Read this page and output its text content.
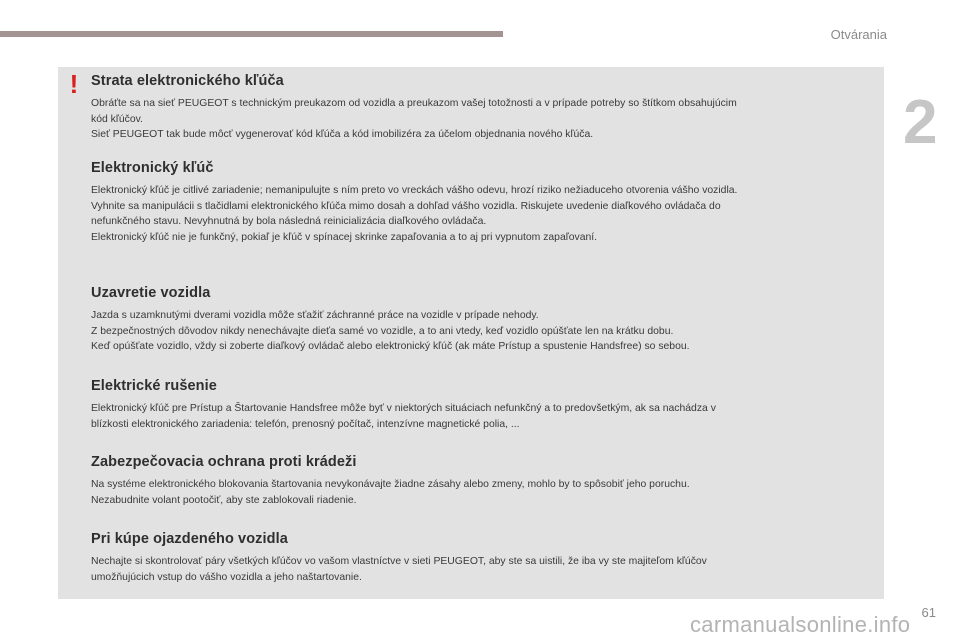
Otvárania
2
! Strata elektronického kľúča

Obráťte sa na sieť PEUGEOT s technickým preukazom od vozidla a preukazom vašej totožnosti a v prípade potreby so štítkom obsahujúcim
kód kľúčov.
Sieť PEUGEOT tak bude môcť vygenerovať kód kľúča a kód imobilizéra za účelom objednania nového kľúča.

Elektronický kľúč

Elektronický kľúč je citlivé zariadenie; nemanipulujte s ním preto vo vreckách vášho odevu, hrozí riziko nežiaduceho otvorenia vášho vozidla.
Vyhnite sa manipulácii s tlačidlami elektronického kľúča mimo dosah a dohľad vášho vozidla. Riskujete uvedenie diaľkového ovládača do
nefunkčného stavu. Nevyhnutná by bola následná reinicializácia diaľkového ovládača.
Elektronický kľúč nie je funkčný, pokiaľ je kľúč v spínacej skrinke zapaľovania a to aj pri vypnutom zapaľovaní.

Uzavretie vozidla

Jazda s uzamknutými dverami vozidla môže sťažiť záchranné práce na vozidle v prípade nehody.
Z bezpečnostných dôvodov nikdy nenechávajte dieťa samé vo vozidle, a to ani vtedy, keď vozidlo opúšťate len na krátku dobu.
Keď opúšťate vozidlo, vždy si zoberte diaľkový ovládač alebo elektronický kľúč (ak máte Prístup a spustenie Handsfree) so sebou.

Elektrické rušenie

Elektronický kľúč pre Prístup a Štartovanie Handsfree môže byť v niektorých situáciach nefunkčný a to predovšetkým, ak sa nachádza v
blízkosti elektronického zariadenia: telefón, prenosný počítač, intenzívne magnetické polia, ...

Zabezpečovacia ochrana proti krádeži

Na systéme elektronického blokovania štartovania nevykonávajte žiadne zásahy alebo zmeny, mohlo by to spôsobiť jeho poruchu.
Nezabudnite volant pootočiť, aby ste zablokovali riadenie.

Pri kúpe ojazdeného vozidla

Nechajte si skontrolovať páry všetkých kľúčov vo vašom vlastníctve v sieti PEUGEOT, aby ste sa uistili, že iba vy ste majiteľom kľúčov
umožňujúcich vstup do vášho vozidla a jeho naštartovanie.

61
carmanualsonline.info
